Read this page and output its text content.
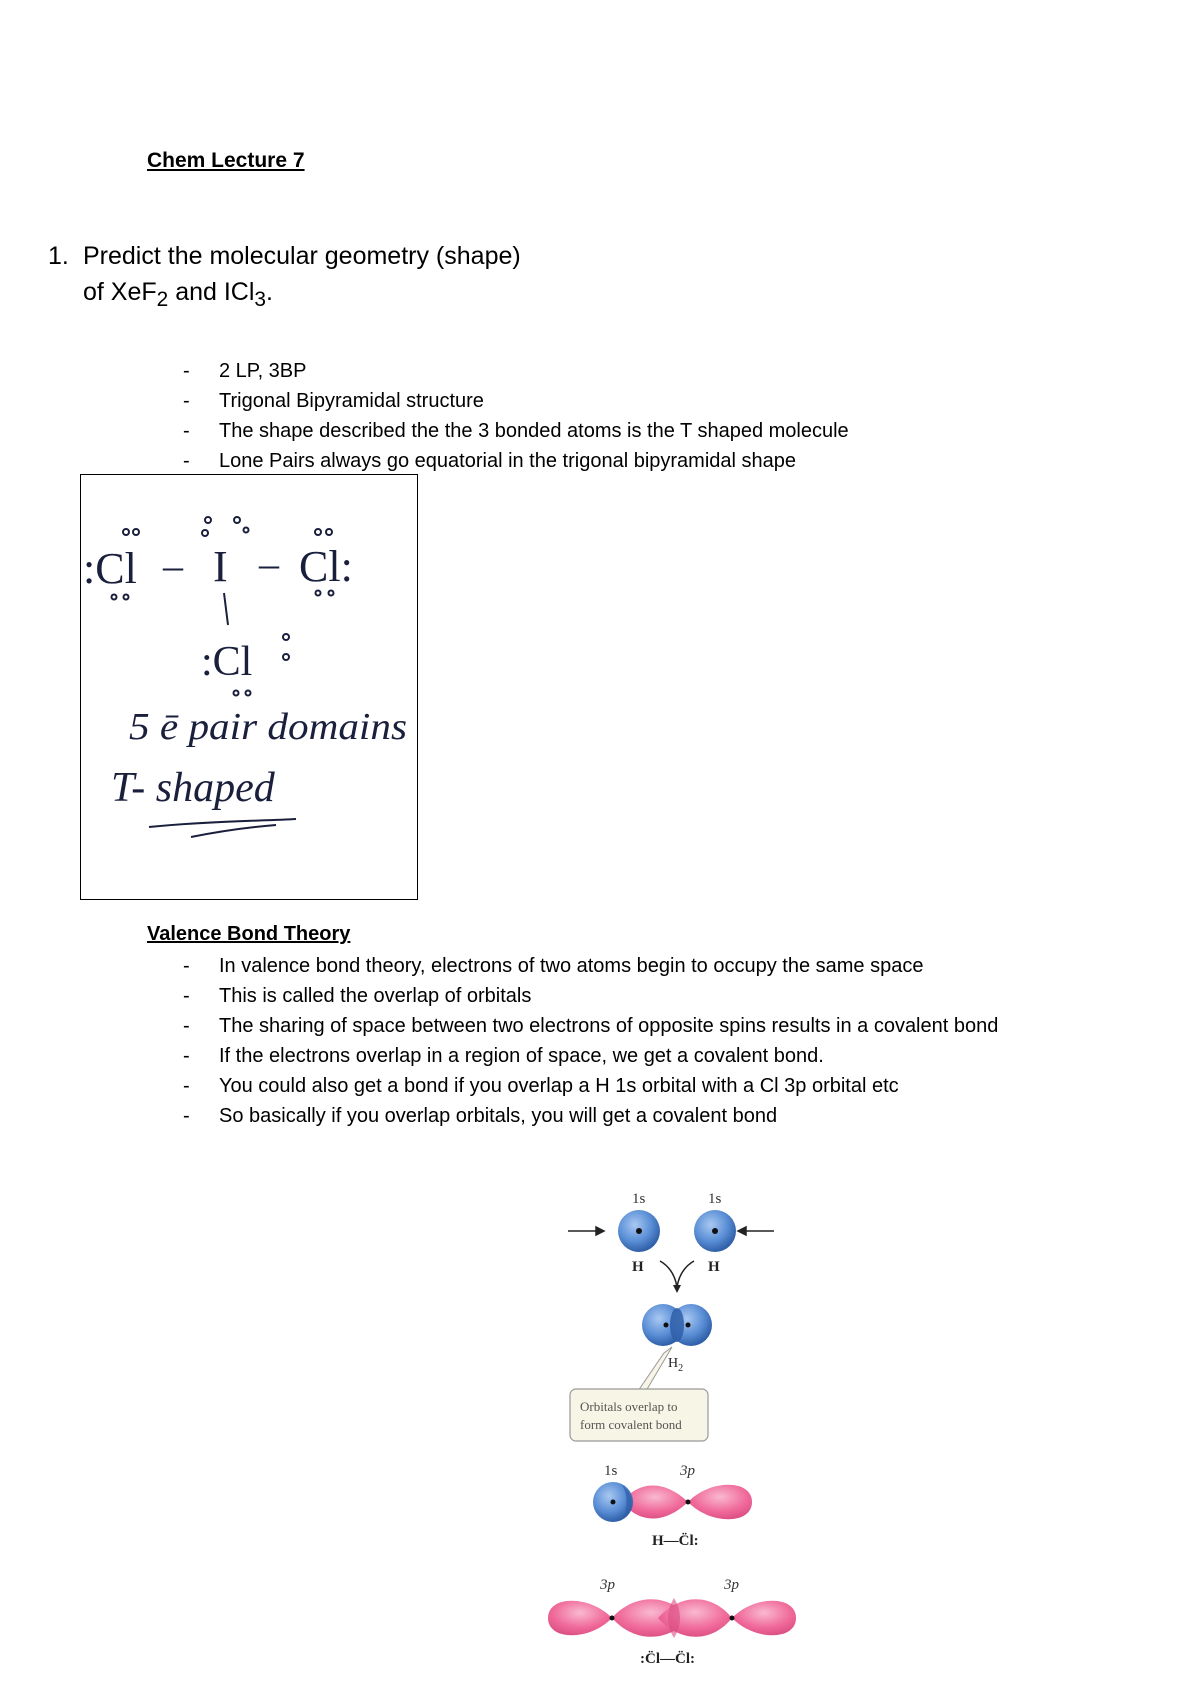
Chem Lecture 7
1. Predict the molecular geometry (shape)
of XeF$_2$ and ICl$_3$.
- 2 LP, 3BP
- Trigonal Bipyramidal structure
- The shape described the the 3 bonded atoms is the T shaped molecule
- Lone Pairs always go equatorial in the trigonal bipyramidal shape
:Cl – I – Cl:
:Cl
5 ē pair domains
T- shaped
Valence Bond Theory
- In valence bond theory, electrons of two atoms begin to occupy the same space
- This is called the overlap of orbitals
- The sharing of space between two electrons of opposite spins results in a covalent bond
- If the electrons overlap in a region of space, we get a covalent bond.
- You could also get a bond if you overlap a H 1s orbital with a Cl 3p orbital etc
- So basically if you overlap orbitals, you will get a covalent bond
1s	1s
H	H
$H_2$
Orbitals overlap to
form covalent bond
1s	3p
H—C̈l:
3p	3p
:C̈l—C̈l:
